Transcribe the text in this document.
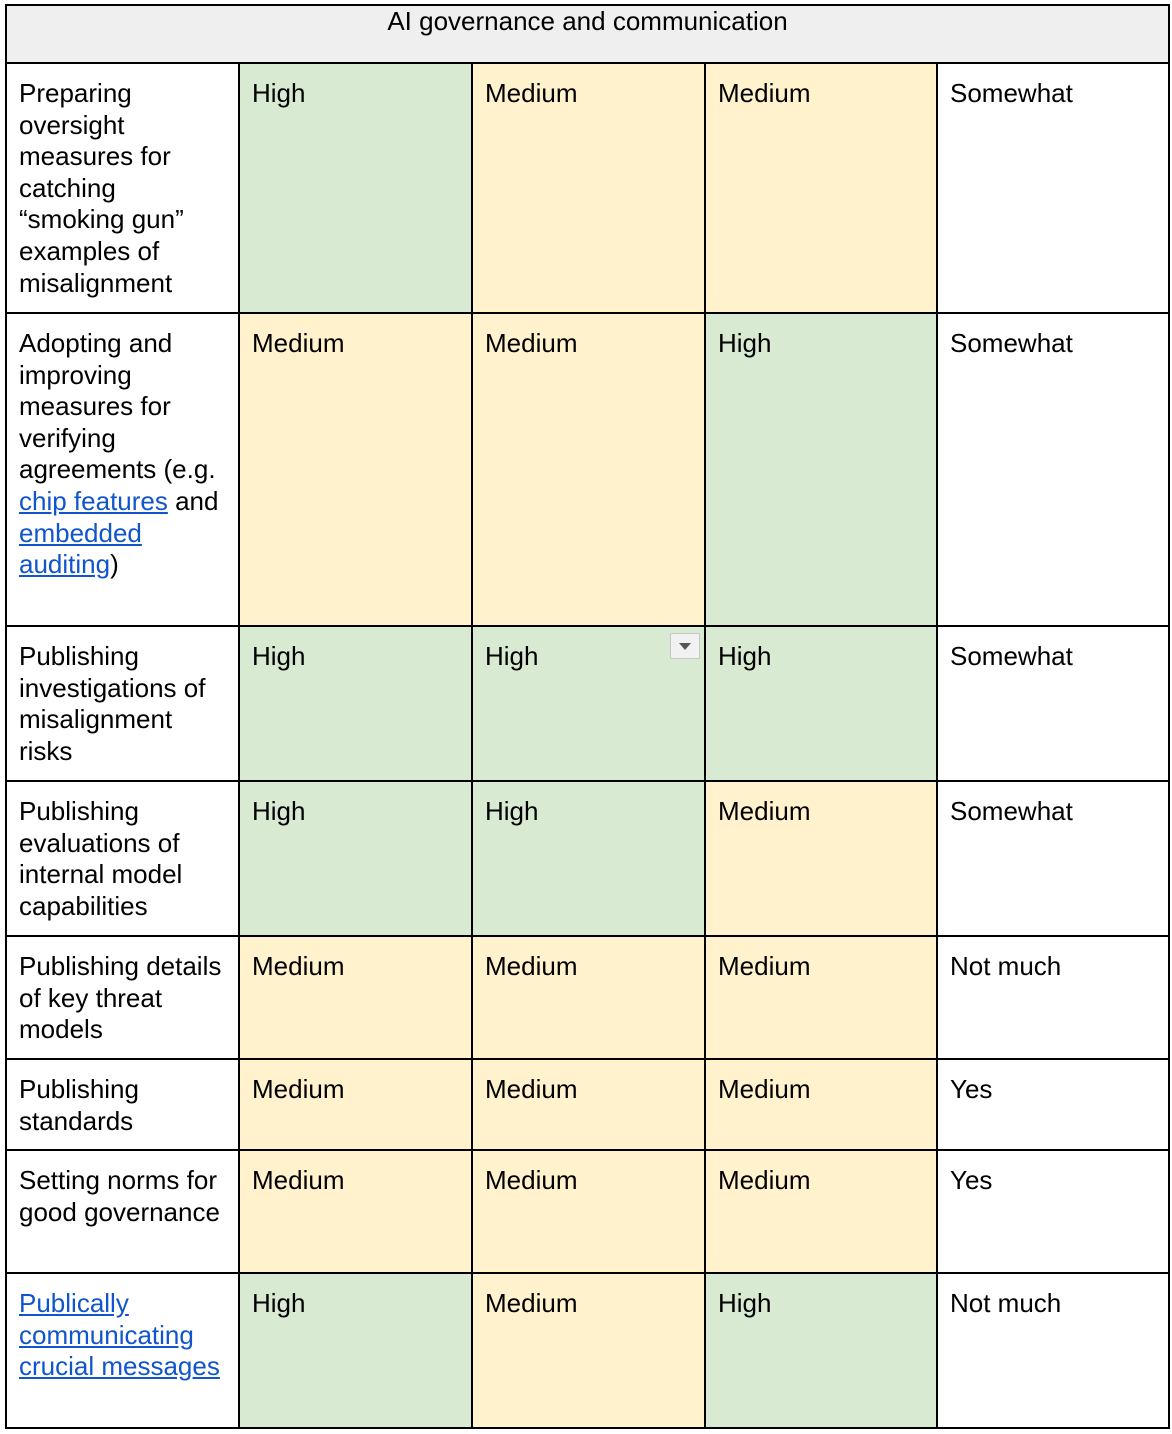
AI governance and communication				

Preparing oversight measures for catching “smoking gun” examples of misalignment	High	Medium	Medium	Somewhat

Adopting and improving measures for verifying agreements (e.g. chip features and embedded auditing)	Medium	Medium	High	Somewhat

Publishing investigations of misalignment risks	High	High	High	Somewhat

Publishing evaluations of internal model capabilities	High	High	Medium	Somewhat

Publishing details of key threat models	Medium	Medium	Medium	Not much

Publishing standards	Medium	Medium	Medium	Yes

Setting norms for good governance	Medium	Medium	Medium	Yes

Publically communicating crucial messages	High	Medium	High	Not much
